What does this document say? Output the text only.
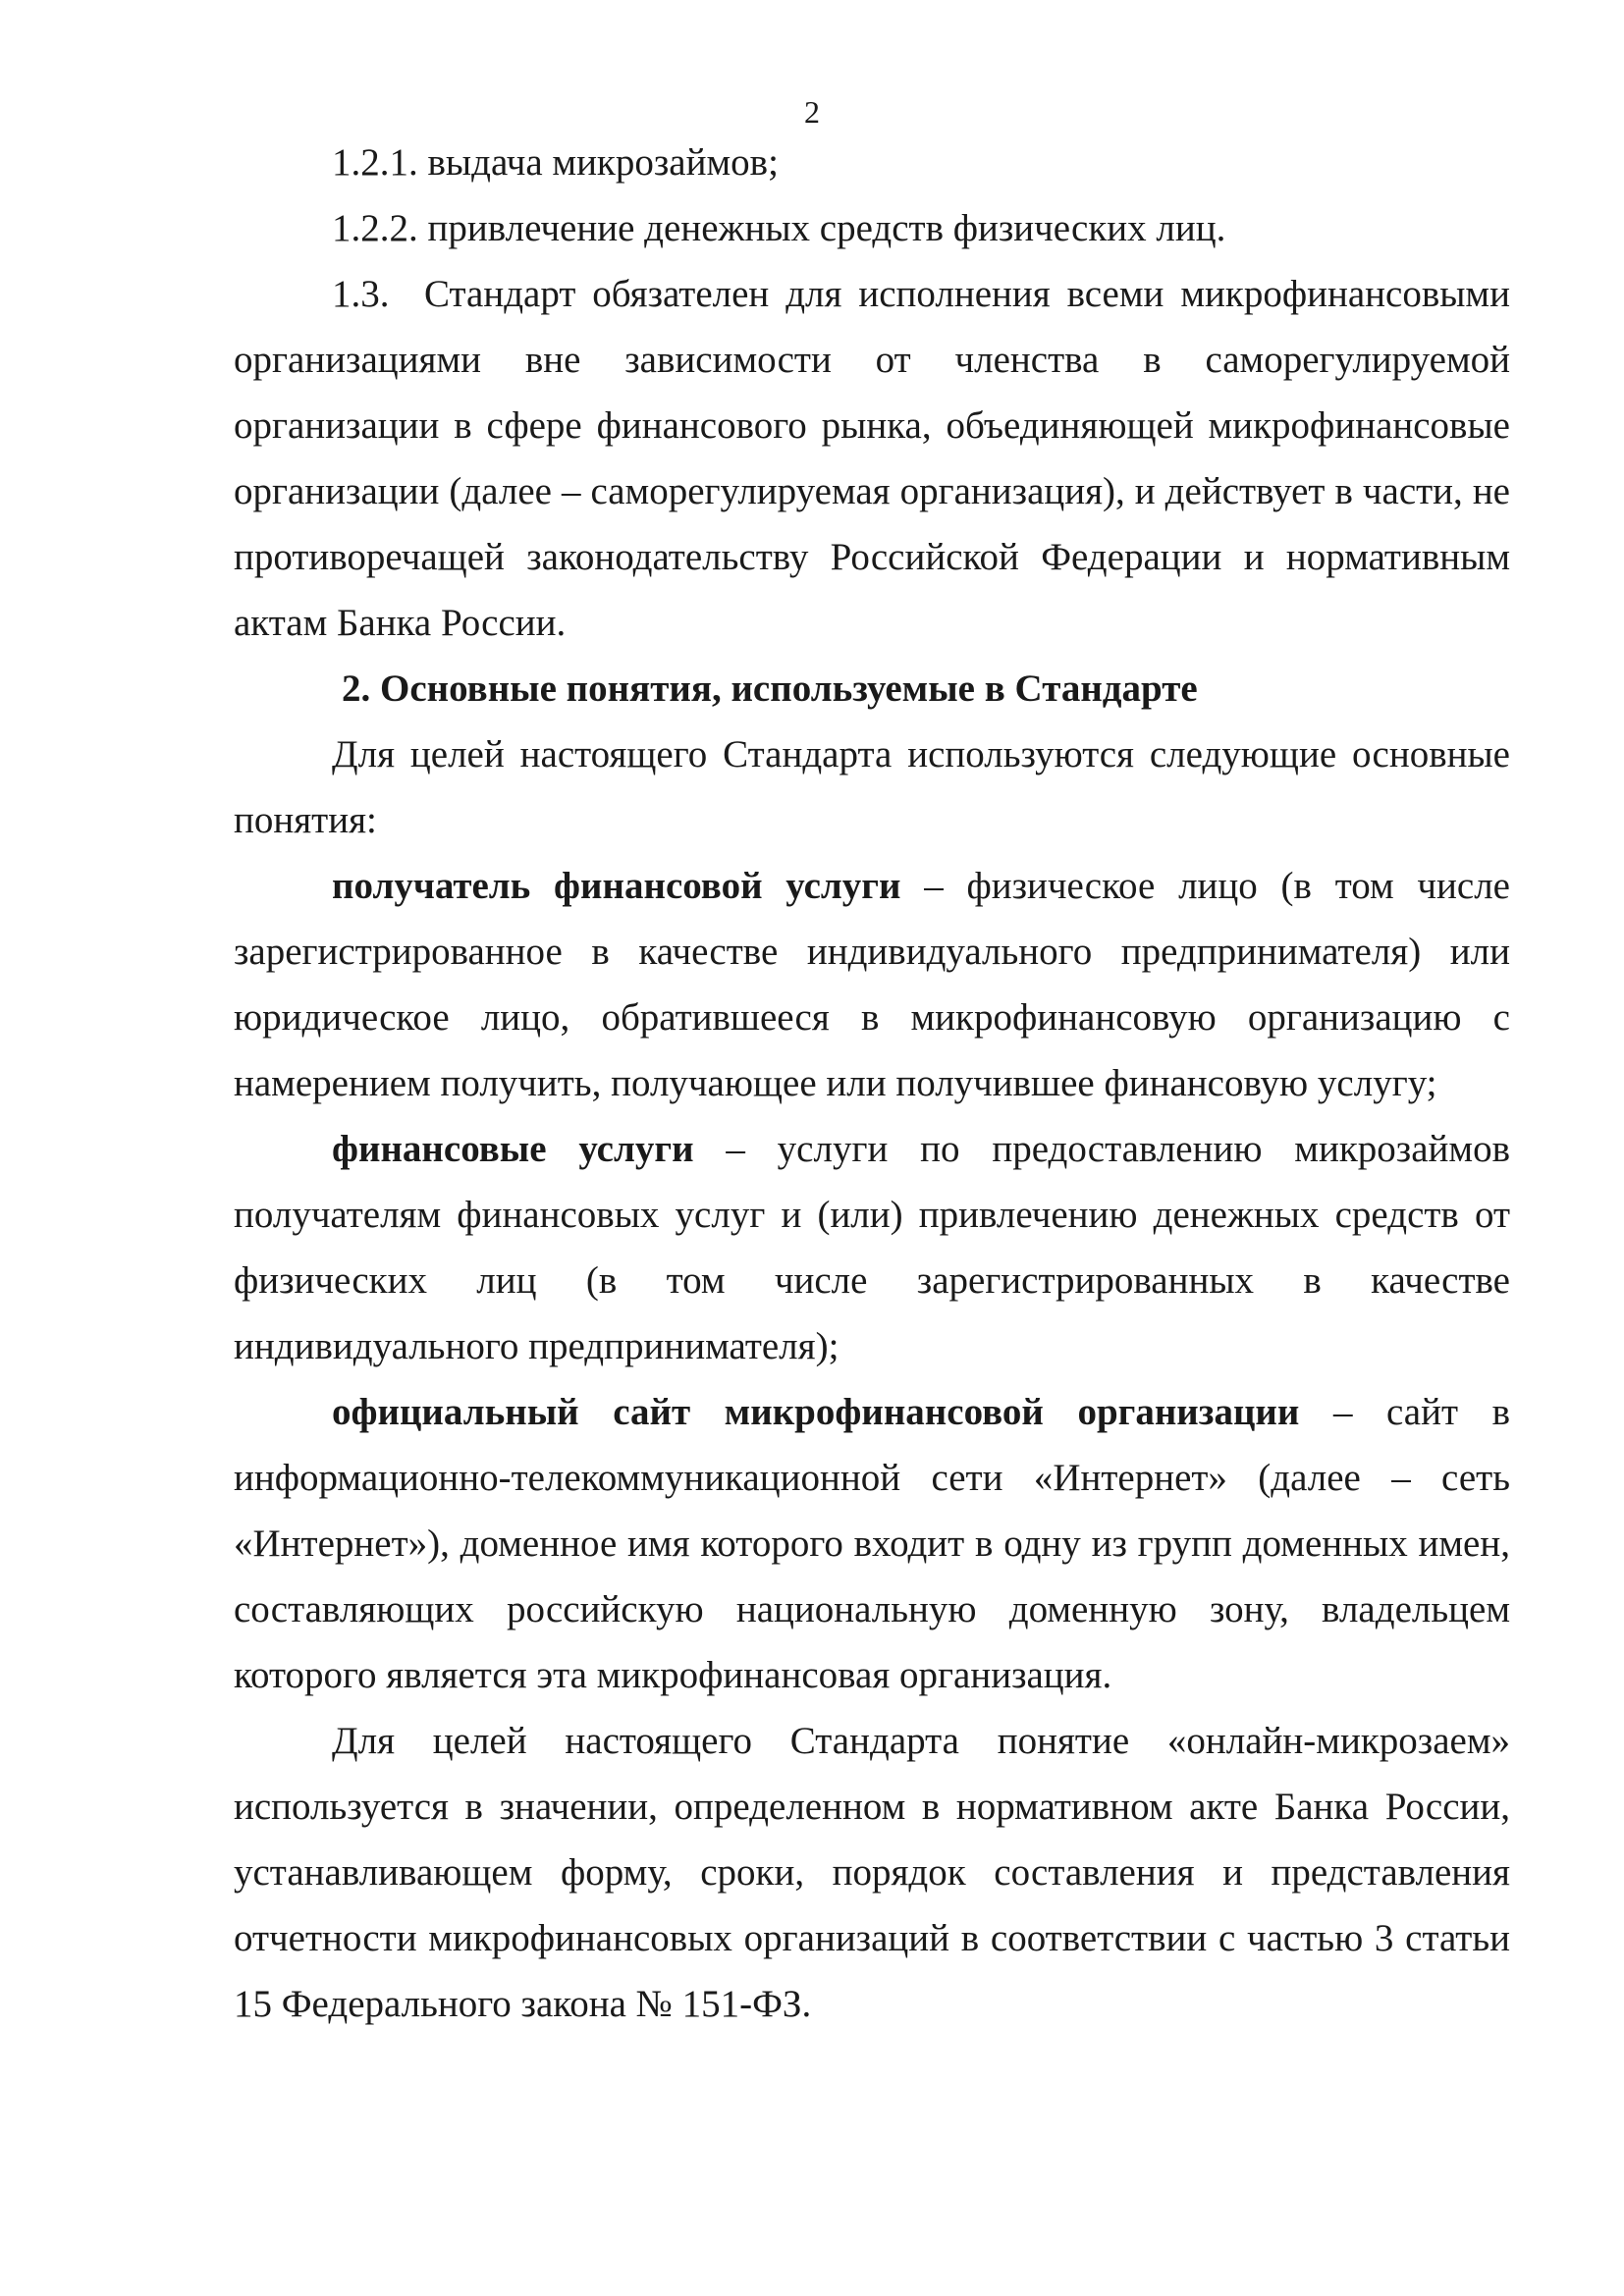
2

1.2.1. выдача микрозаймов;

1.2.2. привлечение денежных средств физических лиц.

1.3. Стандарт обязателен для исполнения всеми микрофинансовыми организациями вне зависимости от членства в саморегулируемой организации в сфере финансового рынка, объединяющей микрофинансовые организации (далее – саморегулируемая организация), и действует в части, не противоречащей законодательству Российской Федерации и нормативным актам Банка России.

2. Основные понятия, используемые в Стандарте

Для целей настоящего Стандарта используются следующие основные понятия:

получатель финансовой услуги – физическое лицо (в том числе зарегистрированное в качестве индивидуального предпринимателя) или юридическое лицо, обратившееся в микрофинансовую организацию с намерением получить, получающее или получившее финансовую услугу;

финансовые услуги – услуги по предоставлению микрозаймов получателям финансовых услуг и (или) привлечению денежных средств от физических лиц (в том числе зарегистрированных в качестве индивидуального предпринимателя);

официальный сайт микрофинансовой организации – сайт в информационно-телекоммуникационной сети «Интернет» (далее – сеть «Интернет»), доменное имя которого входит в одну из групп доменных имен, составляющих российскую национальную доменную зону, владельцем которого является эта микрофинансовая организация.

Для целей настоящего Стандарта понятие «онлайн-микрозаем» используется в значении, определенном в нормативном акте Банка России, устанавливающем форму, сроки, порядок составления и представления отчетности микрофинансовых организаций в соответствии с частью 3 статьи 15 Федерального закона № 151-ФЗ.
